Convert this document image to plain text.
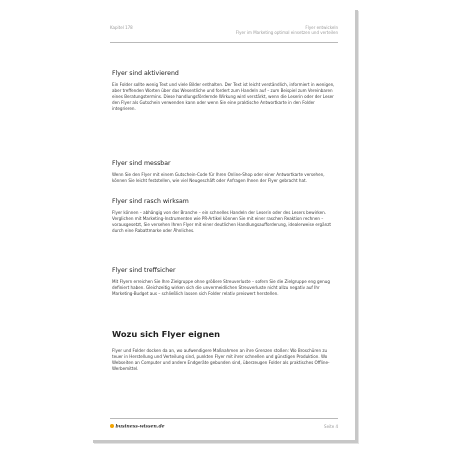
Kapitel 178	Flyer entwickeln
Flyer im Marketing optimal einsetzen und verteilen
Flyer sind aktivierend

Ein Folder sollte wenig Text und viele Bilder enthalten. Der Text ist leicht verständlich, informiert in wenigen, aber treffenden Worten über das Wesentliche und fordert zum Handeln auf – zum Beispiel zum Vereinbaren eines Beratungstermins. Diese handlungsfördernde Wirkung wird verstärkt, wenn die Leserin oder der Leser den Flyer als Gutschein verwenden kann oder wenn Sie eine praktische Antwortkarte in den Folder integrieren.

Flyer sind messbar

Wenn Sie den Flyer mit einem Gutschein-Code für Ihren Online-Shop oder einer Antwortkarte versehen, können Sie leicht feststellen, wie viel Neugeschäft oder Anfragen Ihnen der Flyer gebracht hat.

Flyer sind rasch wirksam

Flyer können – abhängig von der Branche – ein schnelles Handeln der Leserin oder des Lesers bewirken. Verglichen mit Marketing-Instrumenten wie PR-Artikel können Sie mit einer raschen Reaktion rechnen – vorausgesetzt, Sie versehen Ihren Flyer mit einer deutlichen Handlungsaufforderung, idealerweise ergänzt durch eine Rabattmarke oder Ähnliches.

Flyer sind treffsicher

Mit Flyern erreichen Sie Ihre Zielgruppe ohne größere Streuverluste – sofern Sie die Zielgruppe eng genug definiert haben. Gleichzeitig wirken sich die unvermeidlichen Streuverluste nicht allzu negativ auf Ihr Marketing-Budget aus – schließlich lassen sich Folder relativ preiswert herstellen.

Wozu sich Flyer eignen

Flyer und Folder docken da an, wo aufwendigere Maßnahmen an ihre Grenzen stoßen: Wo Broschüren zu teuer in Herstellung und Verteilung sind, punkten Flyer mit ihrer schnellen und günstigen Produktion. Wo Webseiten an Computer und andere Endgeräte gebunden sind, überzeugen Folder als praktisches Offline-Werbemittel.

business-wissen.de	Seite 4
